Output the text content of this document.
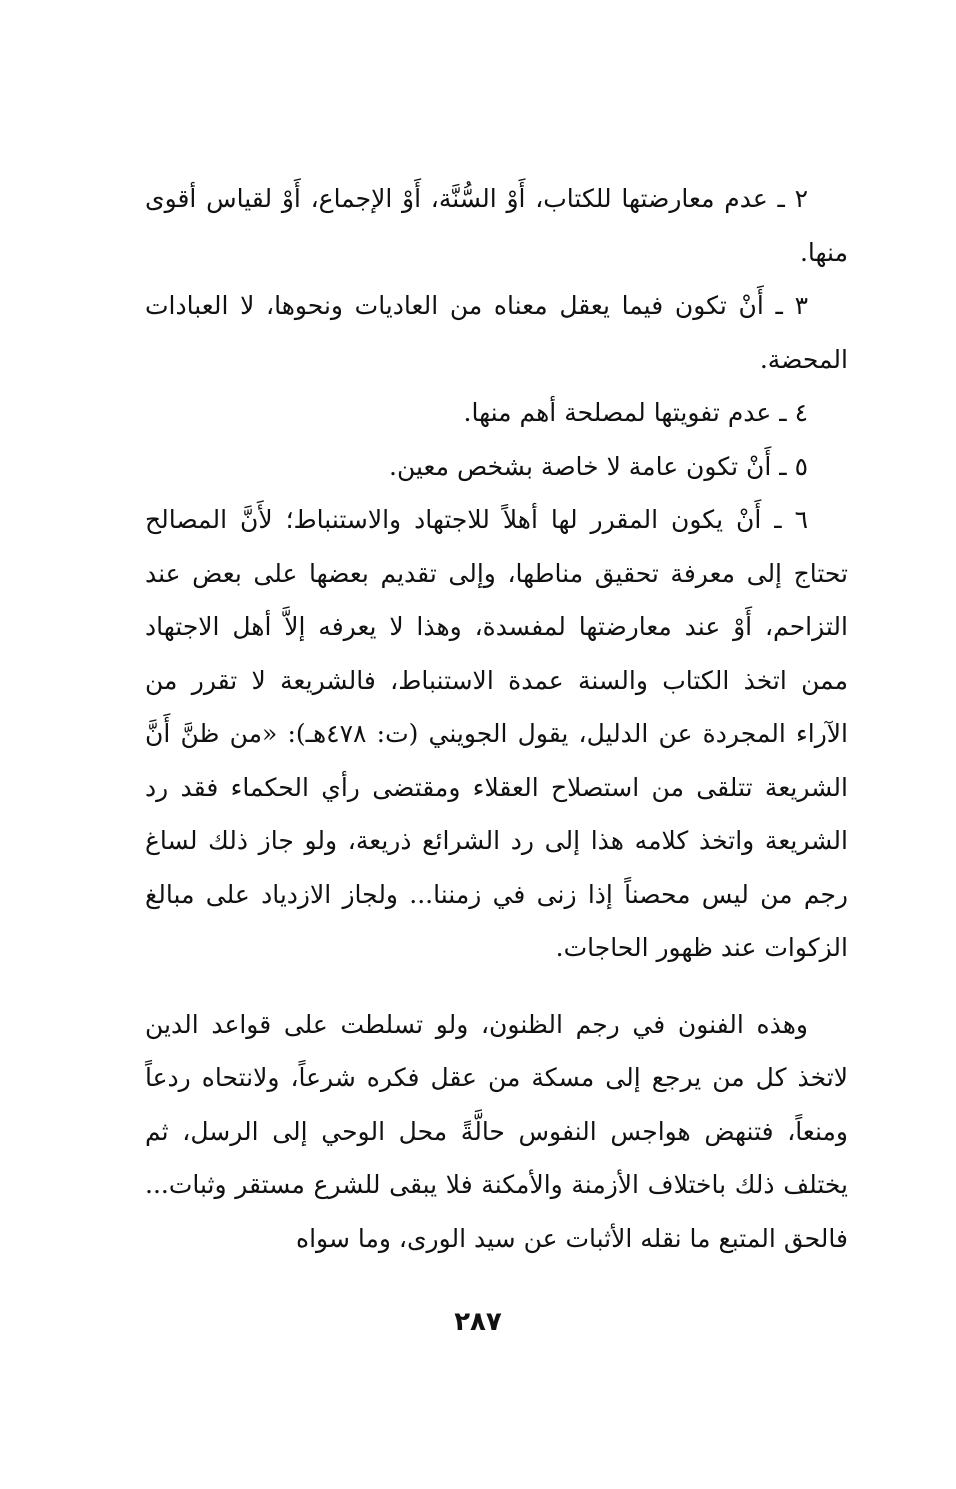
٢ ـ عدم معارضتها للكتاب، أَوْ السُّنَّة، أَوْ الإجماع، أَوْ لقياس أقوى منها.

٣ ـ أَنْ تكون فيما يعقل معناه من العاديات ونحوها، لا العبادات المحضة.

٤ ـ عدم تفويتها لمصلحة أهم منها.

٥ ـ أَنْ تكون عامة لا خاصة بشخص معين.

٦ ـ أَنْ يكون المقرر لها أهلاً للاجتهاد والاستنباط؛ لأَنَّ المصالح تحتاج إلى معرفة تحقيق مناطها، وإلى تقديم بعضها على بعض عند التزاحم، أَوْ عند معارضتها لمفسدة، وهذا لا يعرفه إلاَّ أهل الاجتهاد ممن اتخذ الكتاب والسنة عمدة الاستنباط، فالشريعة لا تقرر من الآراء المجردة عن الدليل، يقول الجويني (ت: ٤٧٨هـ): «من ظنَّ أَنَّ الشريعة تتلقى من استصلاح العقلاء ومقتضى رأي الحكماء فقد رد الشريعة واتخذ كلامه هذا إلى رد الشرائع ذريعة، ولو جاز ذلك لساغ رجم من ليس محصناً إذا زنى في زمننا... ولجاز الازدياد على مبالغ الزكوات عند ظهور الحاجات.

وهذه الفنون في رجم الظنون، ولو تسلطت على قواعد الدين لاتخذ كل من يرجع إلى مسكة من عقل فكره شرعاً، ولانتحاه ردعاً ومنعاً، فتنهض هواجس النفوس حالَّةً محل الوحي إلى الرسل، ثم يختلف ذلك باختلاف الأزمنة والأمكنة فلا يبقى للشرع مستقر وثبات... فالحق المتبع ما نقله الأثبات عن سيد الورى، وما سواه

٢٨٧
